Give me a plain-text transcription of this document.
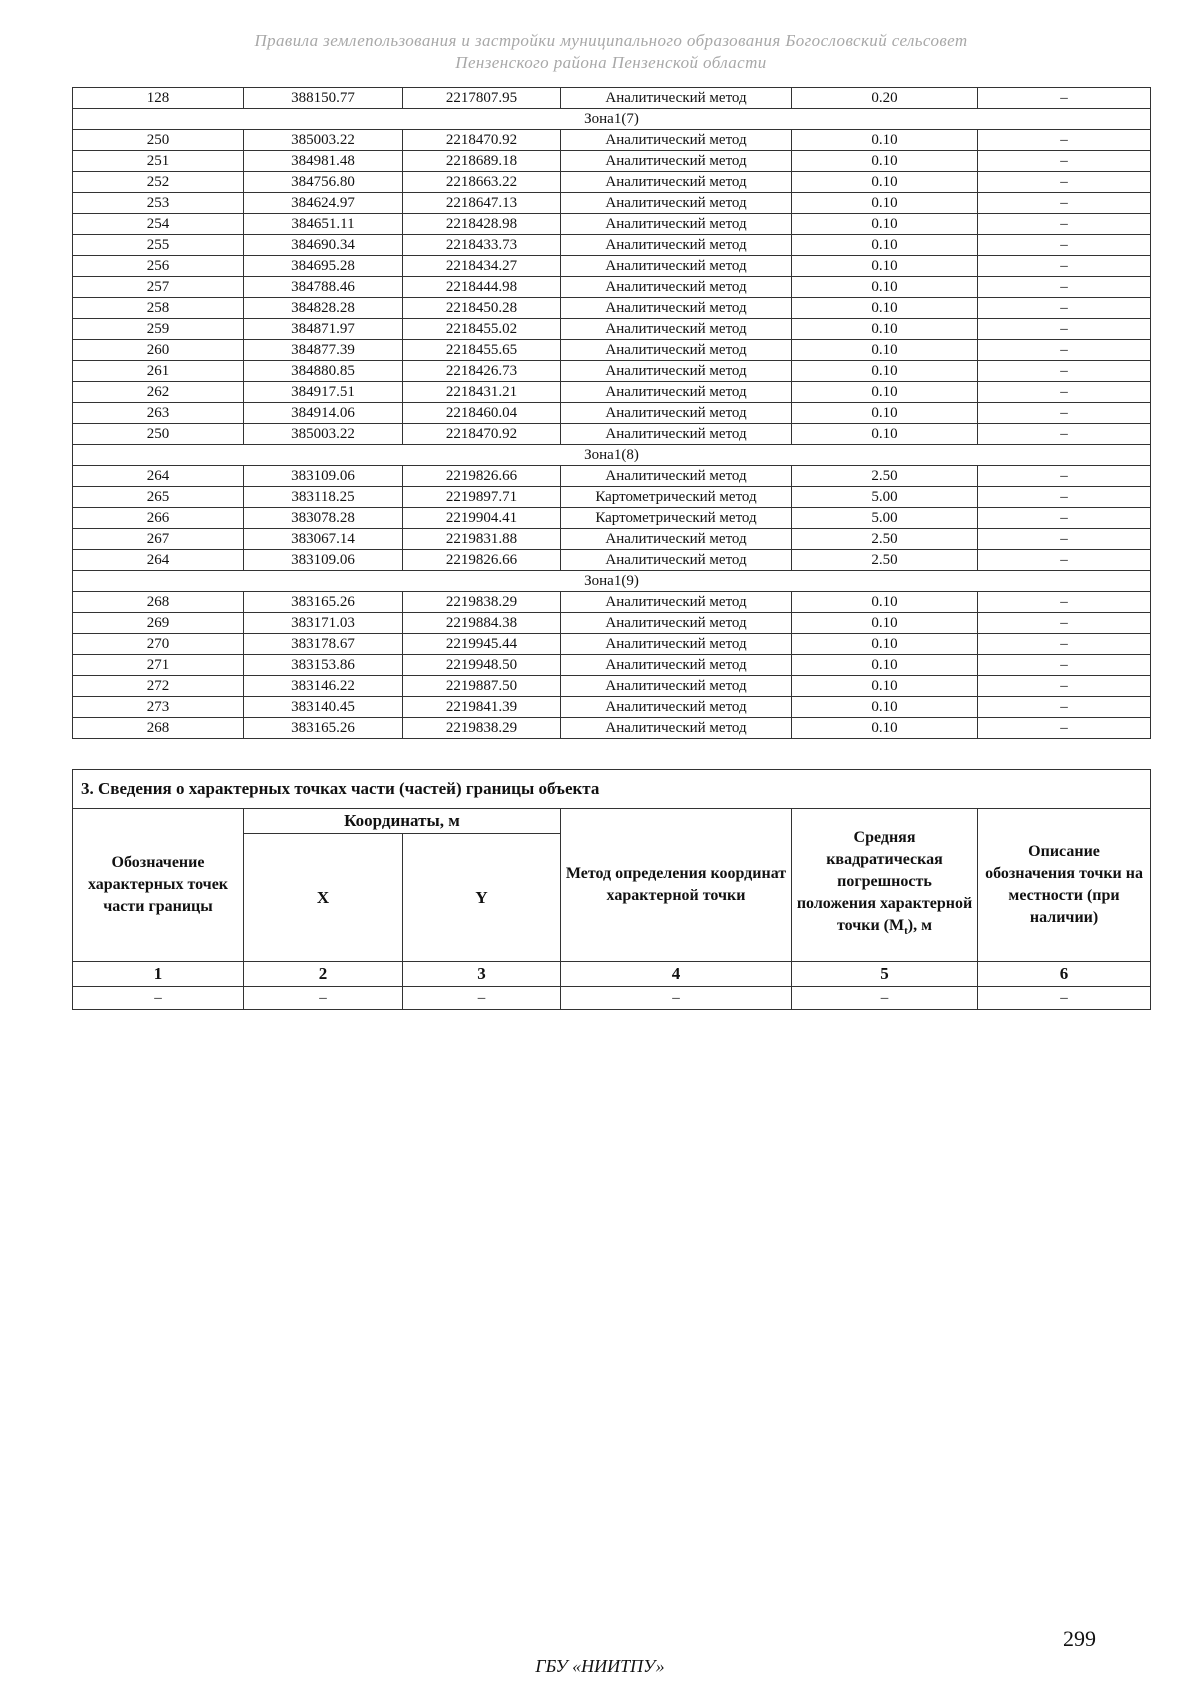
Правила землепользования и застройки муниципального образования Богословский сельсовет
Пензенского района Пензенской области
128	388150.77	2217807.95	Аналитический метод	0.20	–
Зона1(7)					
250	385003.22	2218470.92	Аналитический метод	0.10	–
251	384981.48	2218689.18	Аналитический метод	0.10	–
252	384756.80	2218663.22	Аналитический метод	0.10	–
253	384624.97	2218647.13	Аналитический метод	0.10	–
254	384651.11	2218428.98	Аналитический метод	0.10	–
255	384690.34	2218433.73	Аналитический метод	0.10	–
256	384695.28	2218434.27	Аналитический метод	0.10	–
257	384788.46	2218444.98	Аналитический метод	0.10	–
258	384828.28	2218450.28	Аналитический метод	0.10	–
259	384871.97	2218455.02	Аналитический метод	0.10	–
260	384877.39	2218455.65	Аналитический метод	0.10	–
261	384880.85	2218426.73	Аналитический метод	0.10	–
262	384917.51	2218431.21	Аналитический метод	0.10	–
263	384914.06	2218460.04	Аналитический метод	0.10	–
250	385003.22	2218470.92	Аналитический метод	0.10	–
Зона1(8)					
264	383109.06	2219826.66	Аналитический метод	2.50	–
265	383118.25	2219897.71	Картометрический метод	5.00	–
266	383078.28	2219904.41	Картометрический метод	5.00	–
267	383067.14	2219831.88	Аналитический метод	2.50	–
264	383109.06	2219826.66	Аналитический метод	2.50	–
Зона1(9)					
268	383165.26	2219838.29	Аналитический метод	0.10	–
269	383171.03	2219884.38	Аналитический метод	0.10	–
270	383178.67	2219945.44	Аналитический метод	0.10	–
271	383153.86	2219948.50	Аналитический метод	0.10	–
272	383146.22	2219887.50	Аналитический метод	0.10	–
273	383140.45	2219841.39	Аналитический метод	0.10	–
268	383165.26	2219838.29	Аналитический метод	0.10	–
3. Сведения о характерных точках части (частей) границы объекта					
Обозначение характерных точек части границы	Координаты, м		Метод определения координат характерной точки	Средняя квадратическая погрешность положения характерной точки $(M_t)$, м	Описание обозначения точки на местности (при наличии)
	X	Y			
1	2	3	4	5	6
–	–	–	–	–	–
299
ГБУ «НИИТПУ»
